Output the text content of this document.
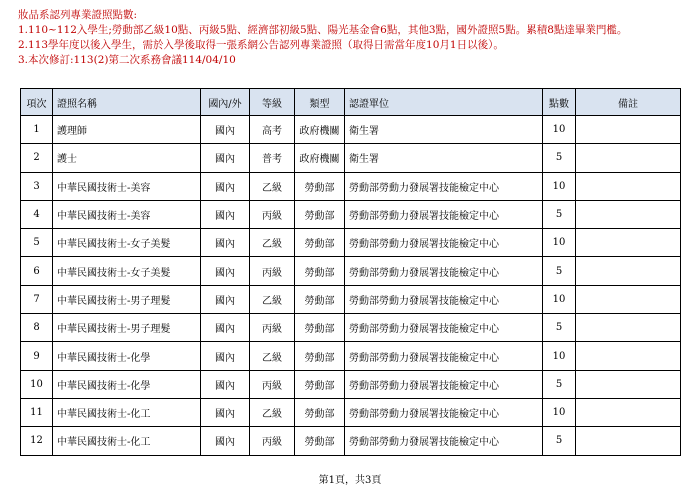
妝品系認列專業證照點數:
1.110~112入學生;勞動部乙級10點、丙級5點、經濟部初級5點、陽光基金會6點，其他3點，國外證照5點。累積8點達畢業門檻。
2.113學年度以後入學生，需於入學後取得一張系網公告認列專業證照（取得日需當年度10月1日以後）。
3.本次修訂:113(2)第二次系務會議114/04/10
項次	證照名稱	國內/外	等級	類型	認證單位	點數	備註
1	護理師	國內	高考	政府機關	衛生署	10	
2	護士	國內	普考	政府機關	衛生署	5	
3	中華民國技術士-美容	國內	乙級	勞動部	勞動部勞動力發展署技能檢定中心	10	
4	中華民國技術士-美容	國內	丙級	勞動部	勞動部勞動力發展署技能檢定中心	5	
5	中華民國技術士-女子美髮	國內	乙級	勞動部	勞動部勞動力發展署技能檢定中心	10	
6	中華民國技術士-女子美髮	國內	丙級	勞動部	勞動部勞動力發展署技能檢定中心	5	
7	中華民國技術士-男子理髮	國內	乙級	勞動部	勞動部勞動力發展署技能檢定中心	10	
8	中華民國技術士-男子理髮	國內	丙級	勞動部	勞動部勞動力發展署技能檢定中心	5	
9	中華民國技術士-化學	國內	乙級	勞動部	勞動部勞動力發展署技能檢定中心	10	
10	中華民國技術士-化學	國內	丙級	勞動部	勞動部勞動力發展署技能檢定中心	5	
11	中華民國技術士-化工	國內	乙級	勞動部	勞動部勞動力發展署技能檢定中心	10	
12	中華民國技術士-化工	國內	丙級	勞動部	勞動部勞動力發展署技能檢定中心	5	
第1頁，共3頁
